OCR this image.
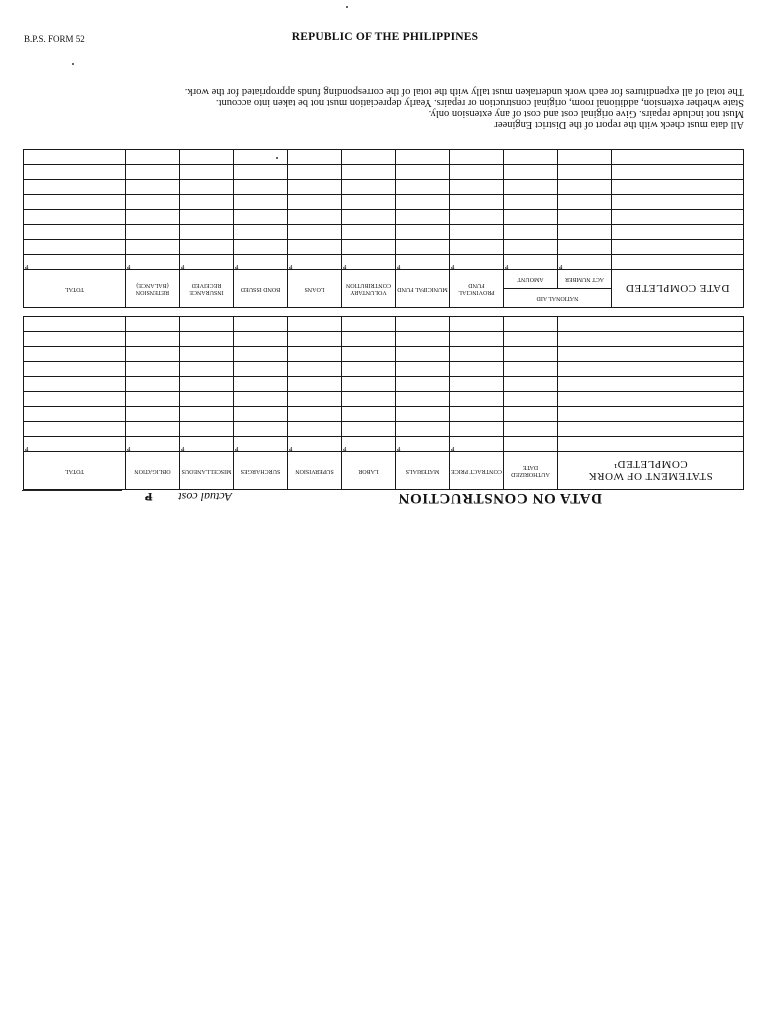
B.P.S. FORM 52	REPUBLIC OF THE PHILIPPINES
DATA ON CONSTRUCTION
Actual cost₱
STATEMENT OF WORK COMPLETED¹	AUTHORIZED DATE	CONTRACT PRICE	MATERIALS	LABOR	SUPERVISION	SURCHARGES	MISCELLANEOUS	OBLIGATION	TOTAL
		₱	₱	₱	₱	₱	₱	₱	₱

DATE COMPLETED	NATIONAL AID		PROVINCIAL FUND	MUNICIPAL FUND	VOLUNTARY CONTRIBUTION	LOANS	BOND ISSUED	INSURANCE RECEIVED	RETENSION (BALANCE)	TOTAL
	ACT NUMBER	AMOUNT								
	₱	₱	₱	₱	₱	₱	₱	₱	₱	₱

All data must check with the report of the District Engineer

Must not include repairs. Give original cost and cost of any extension only.

State whether extension, additional room, original construction or repairs. Yearly depreciation must not be taken into account.

The total of all expenditures for each work undertaken must tally with the total of the corresponding funds appropriated for the work.
